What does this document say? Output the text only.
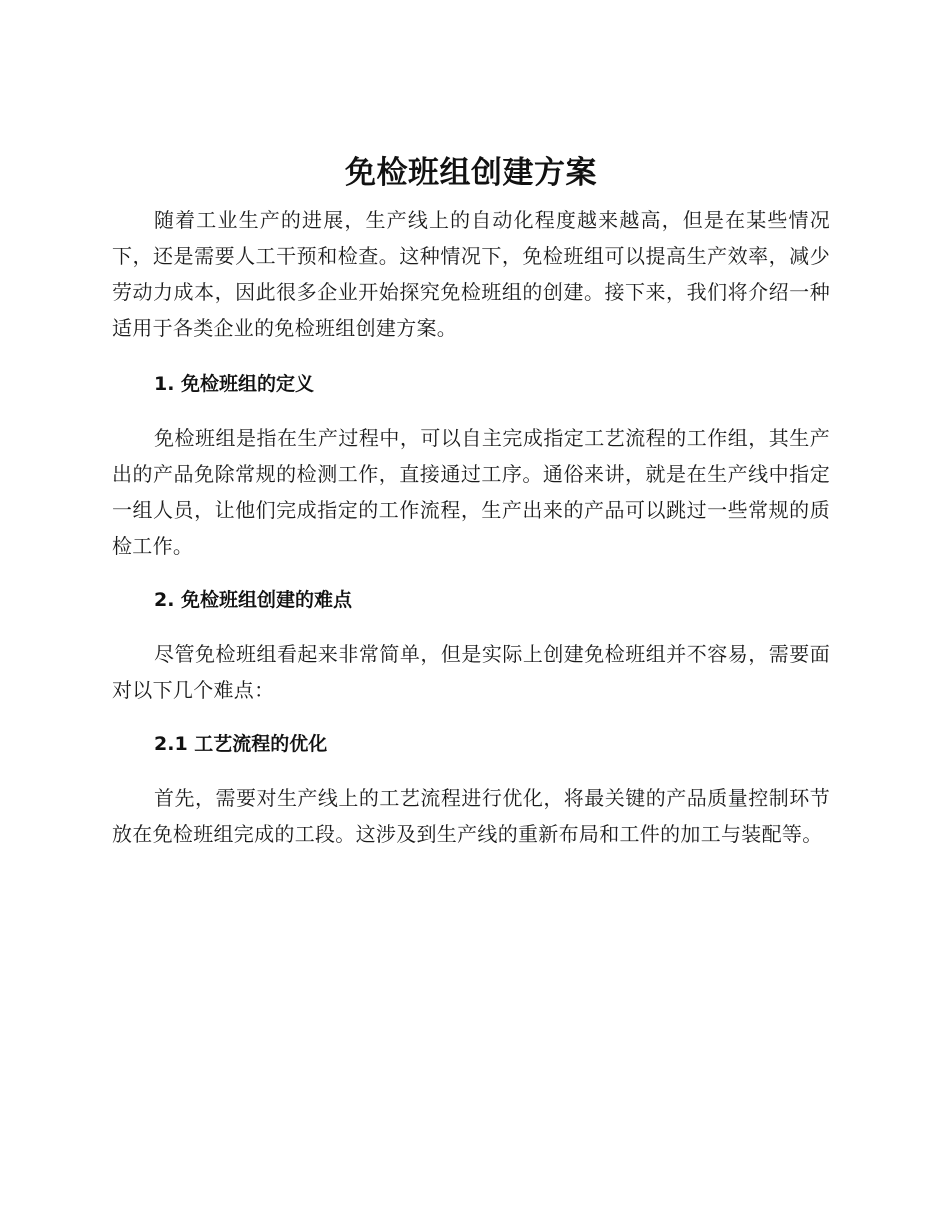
免检班组创建方案

随着工业生产的进展，生产线上的自动化程度越来越高，但是在某些情况下，还是需要人工干预和检查。这种情况下，免检班组可以提高生产效率，减少劳动力成本，因此很多企业开始探究免检班组的创建。接下来，我们将介绍一种适用于各类企业的免检班组创建方案。

1. 免检班组的定义

免检班组是指在生产过程中，可以自主完成指定工艺流程的工作组，其生产出的产品免除常规的检测工作，直接通过工序。通俗来讲，就是在生产线中指定一组人员，让他们完成指定的工作流程，生产出来的产品可以跳过一些常规的质检工作。

2. 免检班组创建的难点

尽管免检班组看起来非常简单，但是实际上创建免检班组并不容易，需要面对以下几个难点：

2.1 工艺流程的优化

首先，需要对生产线上的工艺流程进行优化，将最关键的产品质量控制环节放在免检班组完成的工段。这涉及到生产线的重新布局和工件的加工与装配等。
